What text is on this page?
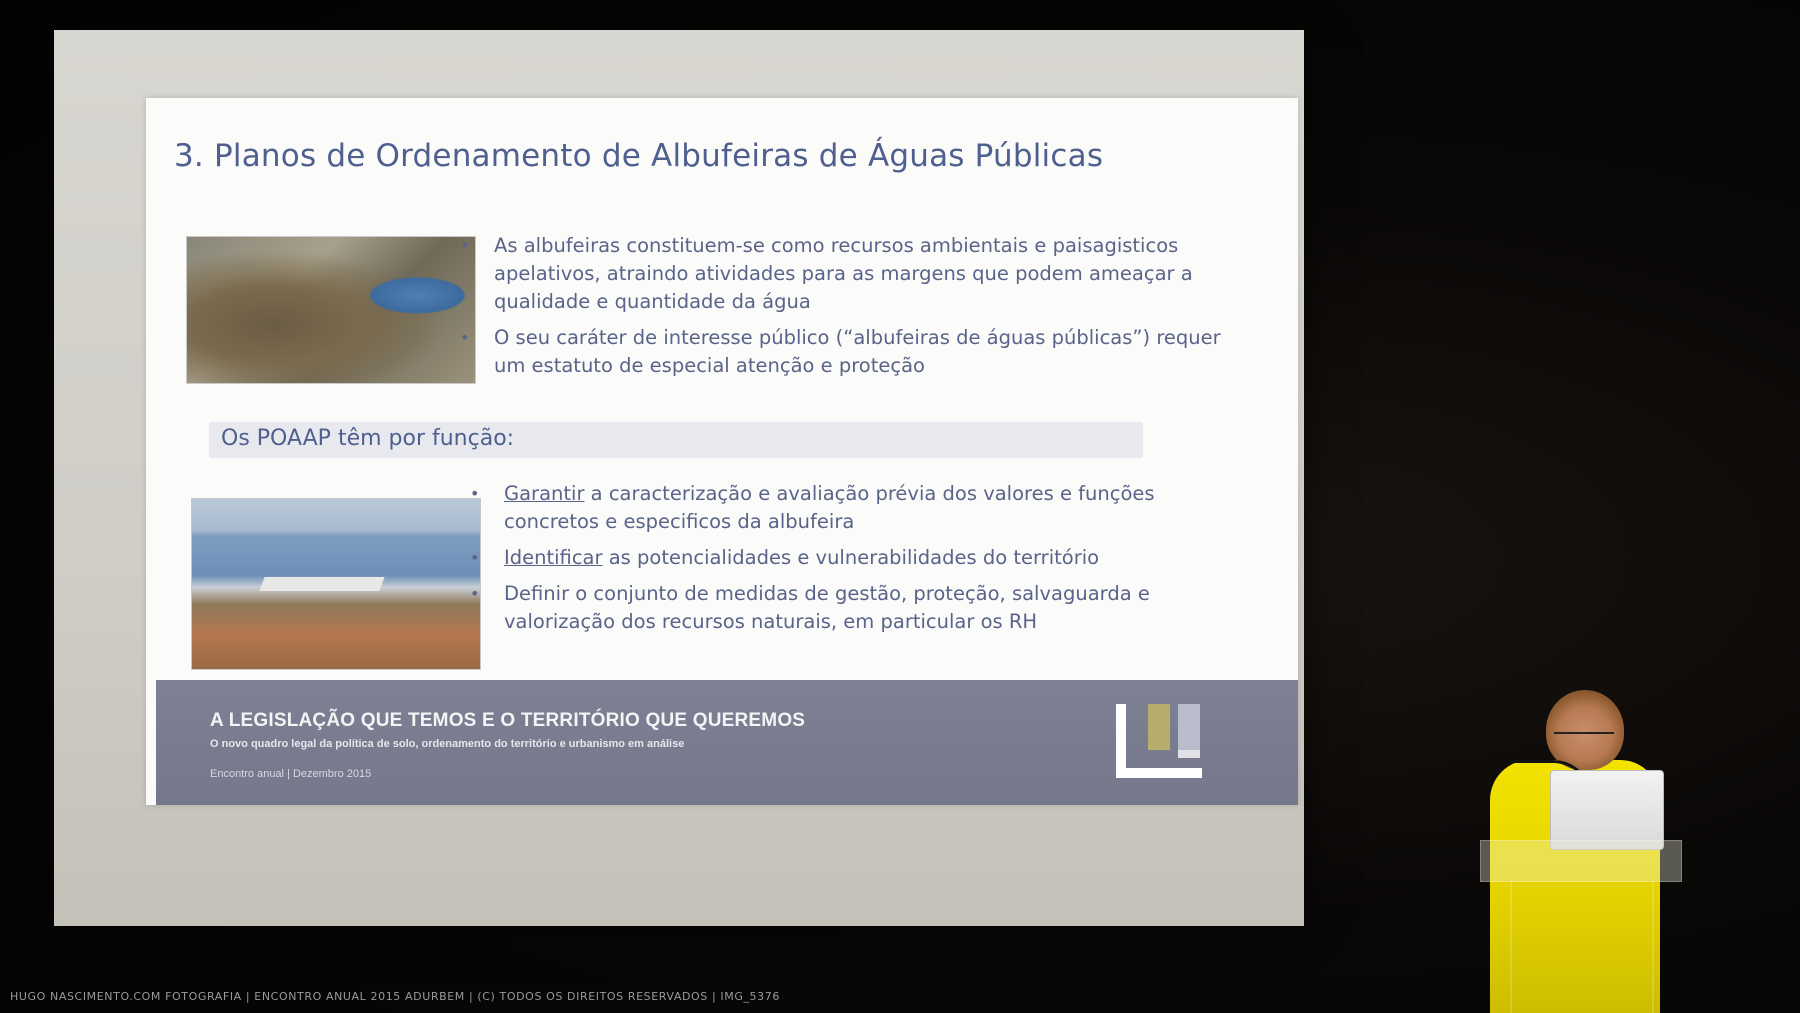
3. Planos de Ordenamento de Albufeiras de Águas Públicas
• As albufeiras constituem-se como recursos ambientais e paisagisticos apelativos, atraindo atividades para as margens que podem ameaçar a qualidade e quantidade da água
• O seu caráter de interesse público (“albufeiras de águas públicas”) requer um estatuto de especial atenção e proteção
Os POAAP têm por função:
• Garantir a caracterização e avaliação prévia dos valores e funções concretos e especificos da albufeira
• Identificar as potencialidades e vulnerabilidades do território
• Definir o conjunto de medidas de gestão, proteção, salvaguarda e valorização dos recursos naturais, em particular os RH
A LEGISLAÇÃO QUE TEMOS E O TERRITÓRIO QUE QUEREMOS
O novo quadro legal da política de solo, ordenamento do território e urbanismo em análise
Encontro anual | Dezembro 2015
HUGO NASCIMENTO.COM FOTOGRAFIA | ENCONTRO ANUAL 2015 ADURBEM | (C) TODOS OS DIREITOS RESERVADOS | IMG_5376
